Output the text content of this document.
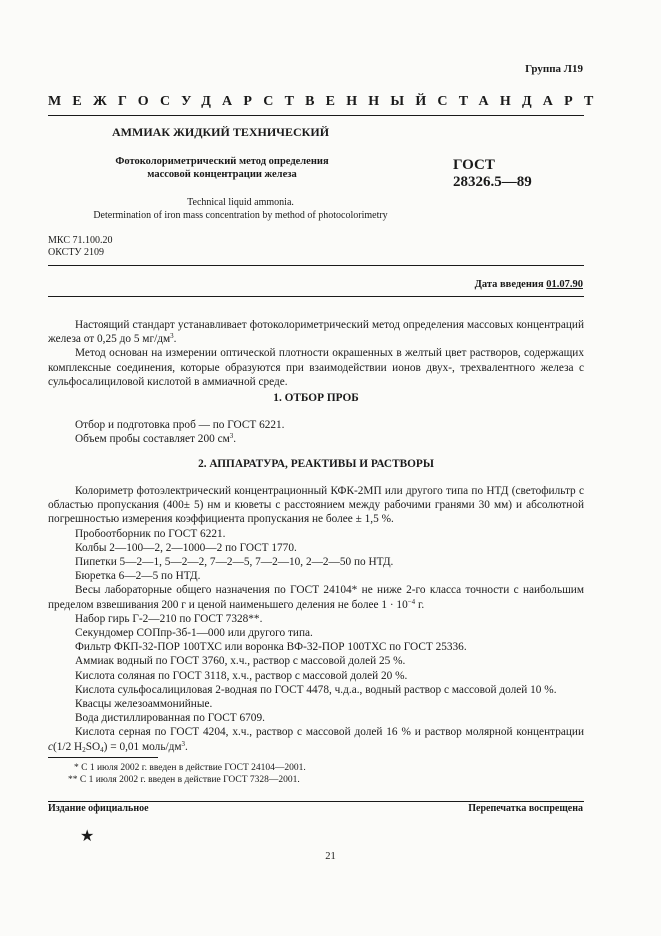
Группа Л19
МЕЖГОСУДАРСТВЕННЫЙ СТАНДАРТ
АММИАК ЖИДКИЙ ТЕХНИЧЕСКИЙ
Фотоколориметрический метод определения
массовой концентрации железа
ГОСТ
28326.5—89
Technical liquid ammonia.
Determination of iron mass concentration by method of photocolorimetry
МКС 71.100.20
ОКСТУ 2109
Дата введения 01.07.90

Настоящий стандарт устанавливает фотоколориметрический метод определения массовых концентраций железа от 0,25 до 5 $мг/дм^3$.

Метод основан на измерении оптической плотности окрашенных в желтый цвет растворов, содержащих комплексные соединения, которые образуются при взаимодействии ионов двух-, трехвалентного железа с сульфосалициловой кислотой в аммиачной среде.

1. ОТБОР ПРОБ

Отбор и подготовка проб — по ГОСТ 6221.

Объем пробы составляет 200 $см^3$.

2. АППАРАТУРА, РЕАКТИВЫ И РАСТВОРЫ

Колориметр фотоэлектрический концентрационный КФК-2МП или другого типа по НТД (светофильтр с областью пропускания (400± 5) нм и кюветы с расстоянием между рабочими гранями 30 мм) и абсолютной погрешностью измерения коэффициента пропускания не более ± 1,5 %.

Пробоотборник по ГОСТ 6221.

Колбы 2—100—2, 2—1000—2 по ГОСТ 1770.

Пипетки 5—2—1, 5—2—2, 7—2—5, 7—2—10, 2—2—50 по НТД.

Бюретка 6—2—5 по НТД.

Весы лабораторные общего назначения по ГОСТ 24104* не ниже 2-го класса точности с наибольшим пределом взвешивания 200 г и ценой наименьшего деления не более $1 \cdot 10^{-4}$ г.

Набор гирь Г-2—210 по ГОСТ 7328**.

Секундомер СОПпр-3б-1—000 или другого типа.

Фильтр ФКП-32-ПОР 100ТХС или воронка ВФ-32-ПОР 100ТХС по ГОСТ 25336.

Аммиак водный по ГОСТ 3760, х.ч., раствор с массовой долей 25 %.

Кислота соляная по ГОСТ 3118, х.ч., раствор с массовой долей 20 %.

Кислота сульфосалициловая 2-водная по ГОСТ 4478, ч.д.а., водный раствор с массовой долей 10 %.

Квасцы железоаммонийные.

Вода дистиллированная по ГОСТ 6709.

Кислота серная по ГОСТ 4204, х.ч., раствор с массовой долей 16 % и раствор молярной концентрации c(1/2 $H_2SO_4) = 0,01$ моль/$дм^3$.

* С 1 июля 2002 г. введен в действие ГОСТ 24104—2001.
** С 1 июля 2002 г. введен в действие ГОСТ 7328—2001.
Издание официальное	Перепечатка воспрещена
★
21
